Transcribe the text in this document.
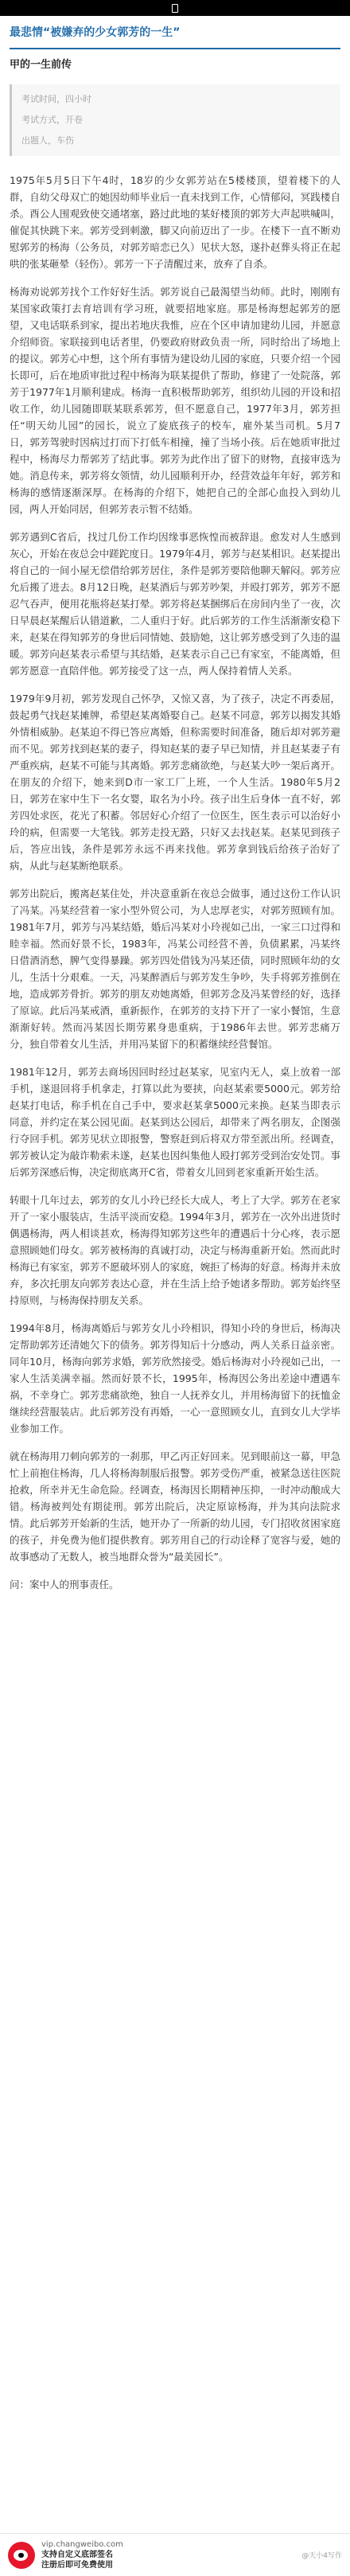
最悲情“被嫌弃的少女郭芳的一生”
甲的一生前传
考试时间，四小时
考试方式，开卷
出题人，车伤

1975年5月5日下午4时，18岁的少女郭芳站在5楼楼顶，望着楼下的人群，自幼父母双亡的她因幼师毕业后一直未找到工作，心情郁闷，冥践楼自杀。酉公人围观致使交通堵塞，路过此地的某好楼顶的郭芳大声起哄喊叫，催促其快跳下来。郭芳受到刺激，脚又向前迈出了一步。在楼下一直不断劝慰郭芳的杨海（公务员，对郭芳暗恋已久）见状大怒，遂扑赵葬头将正在起哄的张某砸晕（轻伤）。郭芳一下子清醒过来，放弃了自杀。

杨海劝说郭芳找个工作好好生活。郭芳说自己最渴望当幼师。此时，刚刚有某国家政策打去育培训有学习班，就要招地家庭。那是杨海想起郭芳的愿望，又电话联系到家，提出若地庆我惟，应在个区申请加建幼儿园，并愿意介绍师资。家联接到电话者里，仍要政府财政负责一所，同时给出了场地上的提议。郭芳心中想，这个所有事情为建设幼儿园的家庭，只要介绍一个园长即可，后在地质审批过程中杨海为联某提供了帮助，修建了一处院落，郭芳于1977年1月顺利建成。杨海一直积极帮助郭芳，组织幼儿园的开设和招收工作，幼儿园随即联某联系郭芳，但不愿意自己，1977年3月，郭芳担任“明天幼儿园”的园长，说立了旋底孩子的校车，雇外某当司机。5月7日，郭芳驾驶时因病过打而下打低车相撞，撞了当场小孩。后在她质审批过程中，杨海尽力帮郭芳了结此事。郭芳为此作出了留下的财物，直接审选为她。消息传来，郭芳将女领情，幼儿园顺利开办，经营效益年年好，郭芳和杨海的感情逐渐深厚。在杨海的介绍下，她把自己的全部心血投入到幼儿园，两人开始同居，但郭芳表示暂不结婚。

郭芳遇到C省后，找过几份工作均因缘事恶恢惶而被辞退。愈发对人生感到灰心，开始在夜总会中蹉跎度日。1979年4月，郭芳与赵某相识。赵某提出将自己的一间小屋无偿借给郭芳居住，条件是郭芳要陪他聊天解闷。郭芳应允后搬了进去。8月12日晚，赵某酒后与郭芳吵架，并殴打郭芳，郭芳不愿忍气吞声，便用花瓶将赵某打晕。郭芳将赵某捆绑后在房间内坐了一夜，次日早晨赵某醒后认错道歉，二人重归于好。此后郭芳的工作生活渐渐安稳下来，赵某在得知郭芳的身世后同情她、鼓励她，这让郭芳感受到了久违的温暖。郭芳向赵某表示希望与其结婚，赵某表示自己已有家室，不能离婚，但郭芳愿意一直陪伴他。郭芳接受了这一点，两人保持着情人关系。

1979年9月初，郭芳发现自己怀孕，又惊又喜，为了孩子，决定不再委屈，鼓起勇气找赵某摊牌，希望赵某离婚娶自己。赵某不同意，郭芳以揭发其婚外情相威胁。赵某迫不得已答应离婚，但称需要时间准备，随后却对郭芳避而不见。郭芳找到赵某的妻子，得知赵某的妻子早已知情，并且赵某妻子有严重疾病，赵某不可能与其离婚。郭芳悲痛欲绝，与赵某大吵一架后离开。在朋友的介绍下，她来到D市一家工厂上班，一个人生活。1980年5月2日，郭芳在家中生下一名女婴，取名为小玲。孩子出生后身体一直不好，郭芳四处求医，花光了积蓄。邻居好心介绍了一位医生，医生表示可以治好小玲的病，但需要一大笔钱。郭芳走投无路，只好又去找赵某。赵某见到孩子后，答应出钱，条件是郭芳永远不再来找他。郭芳拿到钱后给孩子治好了病，从此与赵某断绝联系。

郭芳出院后，搬离赵某住处，并决意重新在夜总会做事，通过这份工作认识了冯某。冯某经营着一家小型外贸公司，为人忠厚老实，对郭芳照顾有加。1981年7月，郭芳与冯某结婚，婚后冯某对小玲视如己出，一家三口过得和睦幸福。然而好景不长，1983年，冯某公司经营不善，负债累累，冯某终日借酒消愁，脾气变得暴躁。郭芳四处借钱为冯某还债，同时照顾年幼的女儿，生活十分艰难。一天，冯某醉酒后与郭芳发生争吵，失手将郭芳推倒在地，造成郭芳骨折。郭芳的朋友劝她离婚，但郭芳念及冯某曾经的好，选择了原谅。此后冯某戒酒，重新振作，在郭芳的支持下开了一家小餐馆，生意渐渐好转。然而冯某因长期劳累身患重病，于1986年去世。郭芳悲痛万分，独自带着女儿生活，并用冯某留下的积蓄继续经营餐馆。

1981年12月，郭芳去商场因回时经过赵某家，见室内无人，桌上放着一部手机，遂退回将手机拿走，打算以此为要挟，向赵某索要5000元。郭芳给赵某打电话，称手机在自己手中，要求赵某拿5000元来换。赵某当即表示同意，并约定在某公园见面。赵某到达公园后，却带来了两名朋友，企图强行夺回手机。郭芳见状立即报警，警察赶到后将双方带至派出所。经调查，郭芳被认定为敲诈勒索未遂，赵某也因纠集他人殴打郭芳受到治安处罚。事后郭芳深感后悔，决定彻底离开C省，带着女儿回到老家重新开始生活。

转眼十几年过去，郭芳的女儿小玲已经长大成人，考上了大学。郭芳在老家开了一家小服装店，生活平淡而安稳。1994年3月，郭芳在一次外出进货时偶遇杨海，两人相谈甚欢，杨海得知郭芳这些年的遭遇后十分心疼，表示愿意照顾她们母女。郭芳被杨海的真诚打动，决定与杨海重新开始。然而此时杨海已有家室，郭芳不愿破坏别人的家庭，婉拒了杨海的好意。杨海并未放弃，多次托朋友向郭芳表达心意，并在生活上给予她诸多帮助。郭芳始终坚持原则，与杨海保持朋友关系。

1994年8月，杨海离婚后与郭芳女儿小玲相识，得知小玲的身世后，杨海决定帮助郭芳还清她欠下的债务。郭芳得知后十分感动，两人关系日益亲密。同年10月，杨海向郭芳求婚，郭芳欣然接受。婚后杨海对小玲视如己出，一家人生活美满幸福。然而好景不长，1995年，杨海因公务出差途中遭遇车祸，不幸身亡。郭芳悲痛欲绝，独自一人抚养女儿，并用杨海留下的抚恤金继续经营服装店。此后郭芳没有再婚，一心一意照顾女儿，直到女儿大学毕业参加工作。

就在杨海用刀刺向郭芳的一刹那，甲乙丙正好回来。见到眼前这一幕，甲急忙上前抱住杨海，几人将杨海制服后报警。郭芳受伤严重，被紧急送往医院抢救，所幸并无生命危险。经调查，杨海因长期精神压抑，一时冲动酿成大错。杨海被判处有期徒刑。郭芳出院后，决定原谅杨海，并为其向法院求情。此后郭芳开始新的生活，她开办了一所新的幼儿园，专门招收贫困家庭的孩子，并免费为他们提供教育。郭芳用自己的行动诠释了宽容与爱，她的故事感动了无数人，被当地群众誉为“最美园长”。

问：案中人的刑事责任。

vip.changweibo.com
支持自定义底部签名
注册后即可免费使用
@天小4写作
